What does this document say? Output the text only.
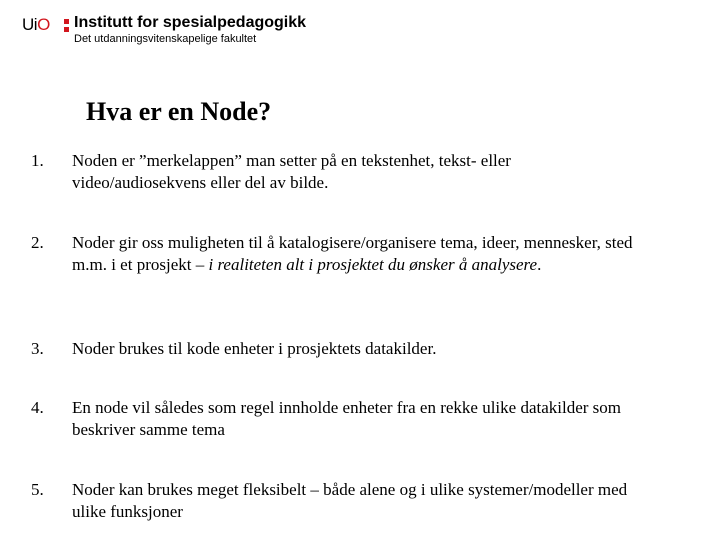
UiO Institutt for spesialpedagogikk
Det utdanningsvitenskapelige fakultet
Hva er en Node?
1. Noden er ”merkelappen” man setter på en tekstenhet, tekst- eller video/audiosekvens eller del av bilde.
2. Noder gir oss muligheten til å katalogisere/organisere tema, ideer, mennesker, sted m.m. i et prosjekt – i realiteten alt i prosjektet du ønsker å analysere.
3. Noder brukes til kode enheter i prosjektets datakilder.
4. En node vil således som regel innholde enheter fra en rekke ulike datakilder som beskriver samme tema
5. Noder kan brukes meget fleksibelt – både alene og i ulike systemer/modeller med ulike funksjoner
